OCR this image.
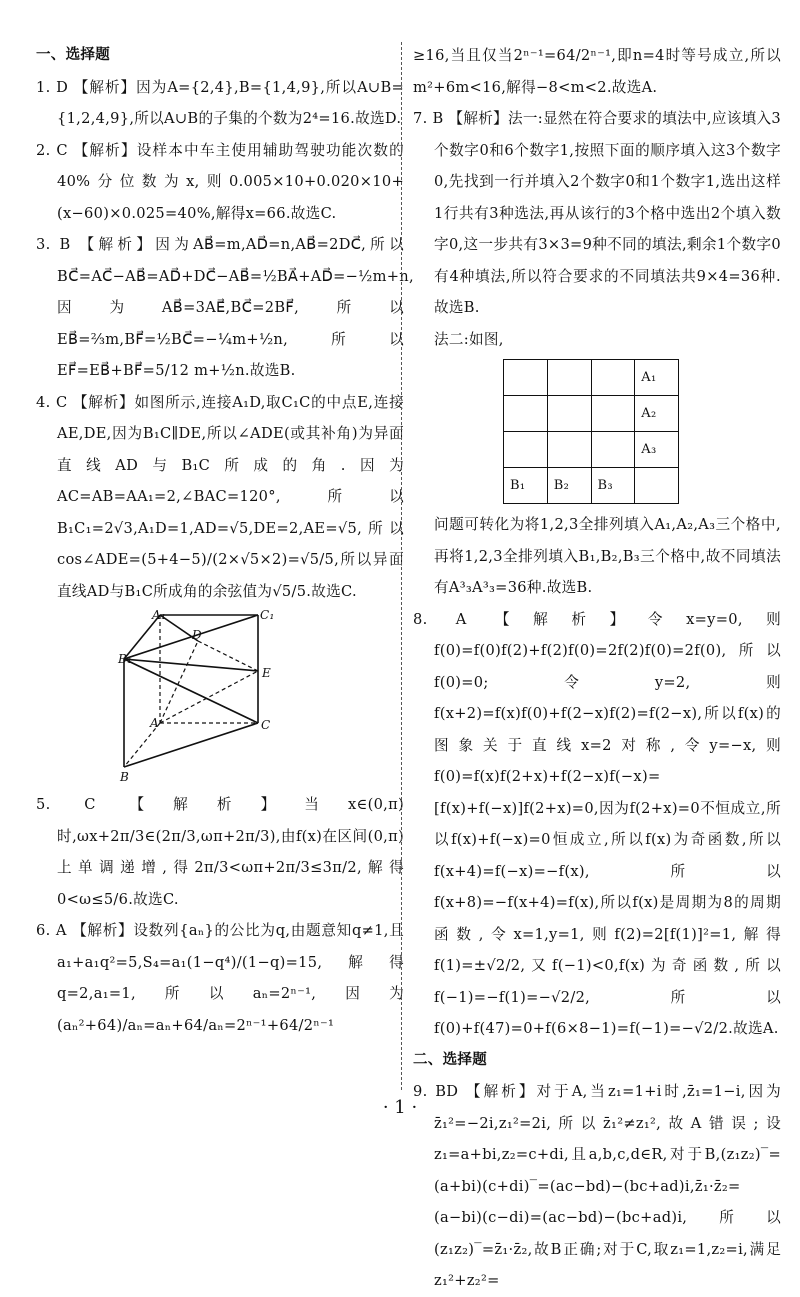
一、选择题
1. D 【解析】因为A={2,4},B={1,4,9},所以A∪B={1,2,4,9},所以A∪B的子集的个数为2⁴=16.故选D.
2. C 【解析】设样本中车主使用辅助驾驶功能次数的40%分位数为x,则0.005×10+0.020×10+(x−60)×0.025=40%,解得x=66.故选C.
3. B 【解析】因为AB⃗=m,AD⃗=n,AB⃗=2DC⃗,所以BC⃗=AC⃗−AB⃗=AD⃗+DC⃗−AB⃗=½BA⃗+AD⃗=−½m+n,因为AB⃗=3AE⃗,BC⃗=2BF⃗,所以EB⃗=⅔m,BF⃗=½BC⃗=−¼m+½n,所以EF⃗=EB⃗+BF⃗=5/12 m+½n.故选B.
4. C 【解析】如图所示,连接A₁D,取C₁C的中点E,连接AE,DE,因为B₁C∥DE,所以∠ADE(或其补角)为异面直线AD与B₁C所成的角.因为AC=AB=AA₁=2,∠BAC=120°,所以B₁C₁=2√3,A₁D=1,AD=√5,DE=2,AE=√5,所以cos∠ADE=(5+4−5)/(2×√5×2)=√5/5,所以异面直线AD与B₁C所成角的余弦值为√5/5.故选C.
A₁	C₁
D
B₁
E
A	C
B
5. C 【解析】当x∈(0,π)时,ωx+2π/3∈(2π/3,ωπ+2π/3),由f(x)在区间(0,π)上单调递增,得2π/3<ωπ+2π/3≤3π/2,解得0<ω≤5/6.故选C.
6. A 【解析】设数列{aₙ}的公比为q,由题意知q≠1,且a₁+a₁q²=5,S₄=a₁(1−q⁴)/(1−q)=15,解得q=2,a₁=1,所以aₙ=2ⁿ⁻¹,因为(aₙ²+64)/aₙ=aₙ+64/aₙ=2ⁿ⁻¹+64/2ⁿ⁻¹
≥16,当且仅当2ⁿ⁻¹=64/2ⁿ⁻¹,即n=4时等号成立,所以m²+6m<16,解得−8<m<2.故选A.
7. B 【解析】法一:显然在符合要求的填法中,应该填入3个数字0和6个数字1,按照下面的顺序填入这3个数字0,先找到一行并填入2个数字0和1个数字1,选出这样1行共有3种选法,再从该行的3个格中选出2个填入数字0,这一步共有3×3=9种不同的填法,剩余1个数字0有4种填法,所以符合要求的不同填法共9×4=36种.故选B.
法二:如图,
			A₁
			A₂
			A₃
B₁	B₂	B₃	
问题可转化为将1,2,3全排列填入A₁,A₂,A₃三个格中,再将1,2,3全排列填入B₁,B₂,B₃三个格中,故不同填法有A³₃A³₃=36种.故选B.
8. A 【解析】令x=y=0,则f(0)=f(0)f(2)+f(2)f(0)=2f(2)f(0)=2f(0),所以f(0)=0;令y=2,则f(x+2)=f(x)f(0)+f(2−x)f(2)=f(2−x),所以f(x)的图象关于直线x=2对称,令y=−x,则f(0)=f(x)f(2+x)+f(2−x)f(−x)=[f(x)+f(−x)]f(2+x)=0,因为f(2+x)=0不恒成立,所以f(x)+f(−x)=0恒成立,所以f(x)为奇函数,所以f(x+4)=f(−x)=−f(x),所以f(x+8)=−f(x+4)=f(x),所以f(x)是周期为8的周期函数,令x=1,y=1,则f(2)=2[f(1)]²=1,解得f(1)=±√2/2,又f(−1)<0,f(x)为奇函数,所以f(−1)=−f(1)=−√2/2,所以f(0)+f(47)=0+f(6×8−1)=f(−1)=−√2/2.故选A.
二、选择题
9. BD 【解析】对于A,当z₁=1+i时,z̄₁=1−i,因为z̄₁²=−2i,z₁²=2i,所以z̄₁²≠z₁²,故A错误;设z₁=a+bi,z₂=c+di,且a,b,c,d∈R,对于B,(z₁z₂)‾=(a+bi)(c+di)‾=(ac−bd)−(bc+ad)i,z̄₁·z̄₂=(a−bi)(c−di)=(ac−bd)−(bc+ad)i,所以(z₁z₂)‾=z̄₁·z̄₂,故B正确;对于C,取z₁=1,z₂=i,满足z₁²+z₂²=
· 1 ·
